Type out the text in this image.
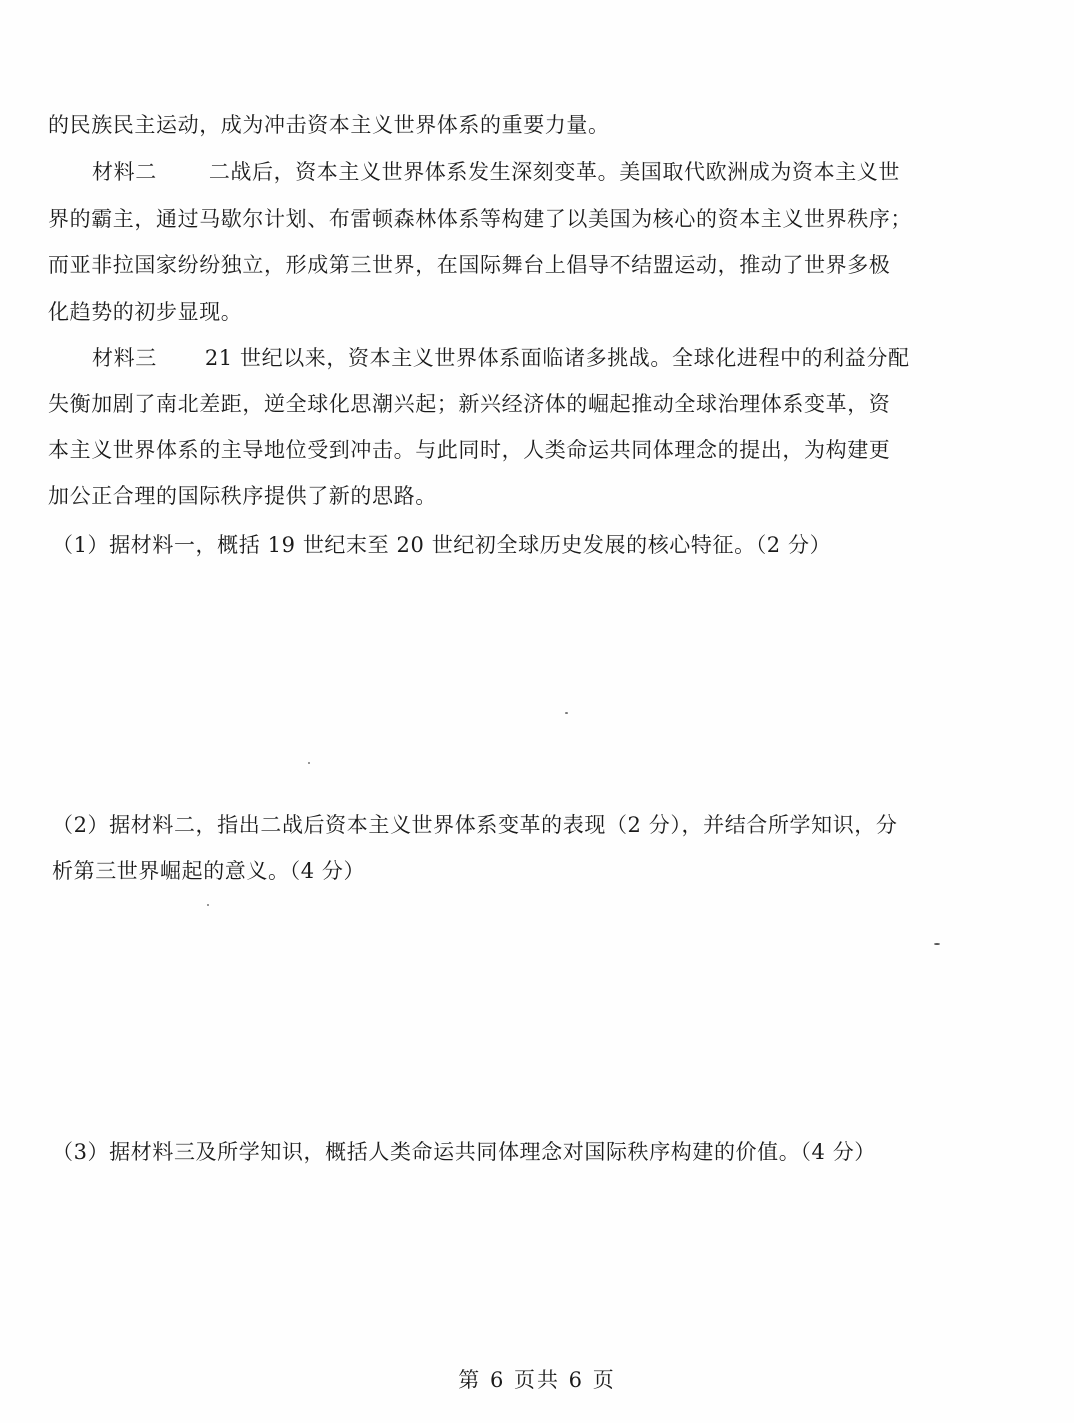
的民族民主运动，成为冲击资本主义世界体系的重要力量。
材料二 二战后，资本主义世界体系发生深刻变革。美国取代欧洲成为资本主义世
界的霸主，通过马歇尔计划、布雷顿森林体系等构建了以美国为核心的资本主义世界秩序；
而亚非拉国家纷纷独立，形成第三世界，在国际舞台上倡导不结盟运动，推动了世界多极
化趋势的初步显现。
材料三 21 世纪以来，资本主义世界体系面临诸多挑战。全球化进程中的利益分配
失衡加剧了南北差距，逆全球化思潮兴起；新兴经济体的崛起推动全球治理体系变革，资
本主义世界体系的主导地位受到冲击。与此同时，人类命运共同体理念的提出，为构建更
加公正合理的国际秩序提供了新的思路。
（1）据材料一，概括 19 世纪末至 20 世纪初全球历史发展的核心特征。（2 分）
（2）据材料二，指出二战后资本主义世界体系变革的表现（2 分），并结合所学知识，分
析第三世界崛起的意义。（4 分）
（3）据材料三及所学知识，概括人类命运共同体理念对国际秩序构建的价值。（4 分）
第 6 页共 6 页
